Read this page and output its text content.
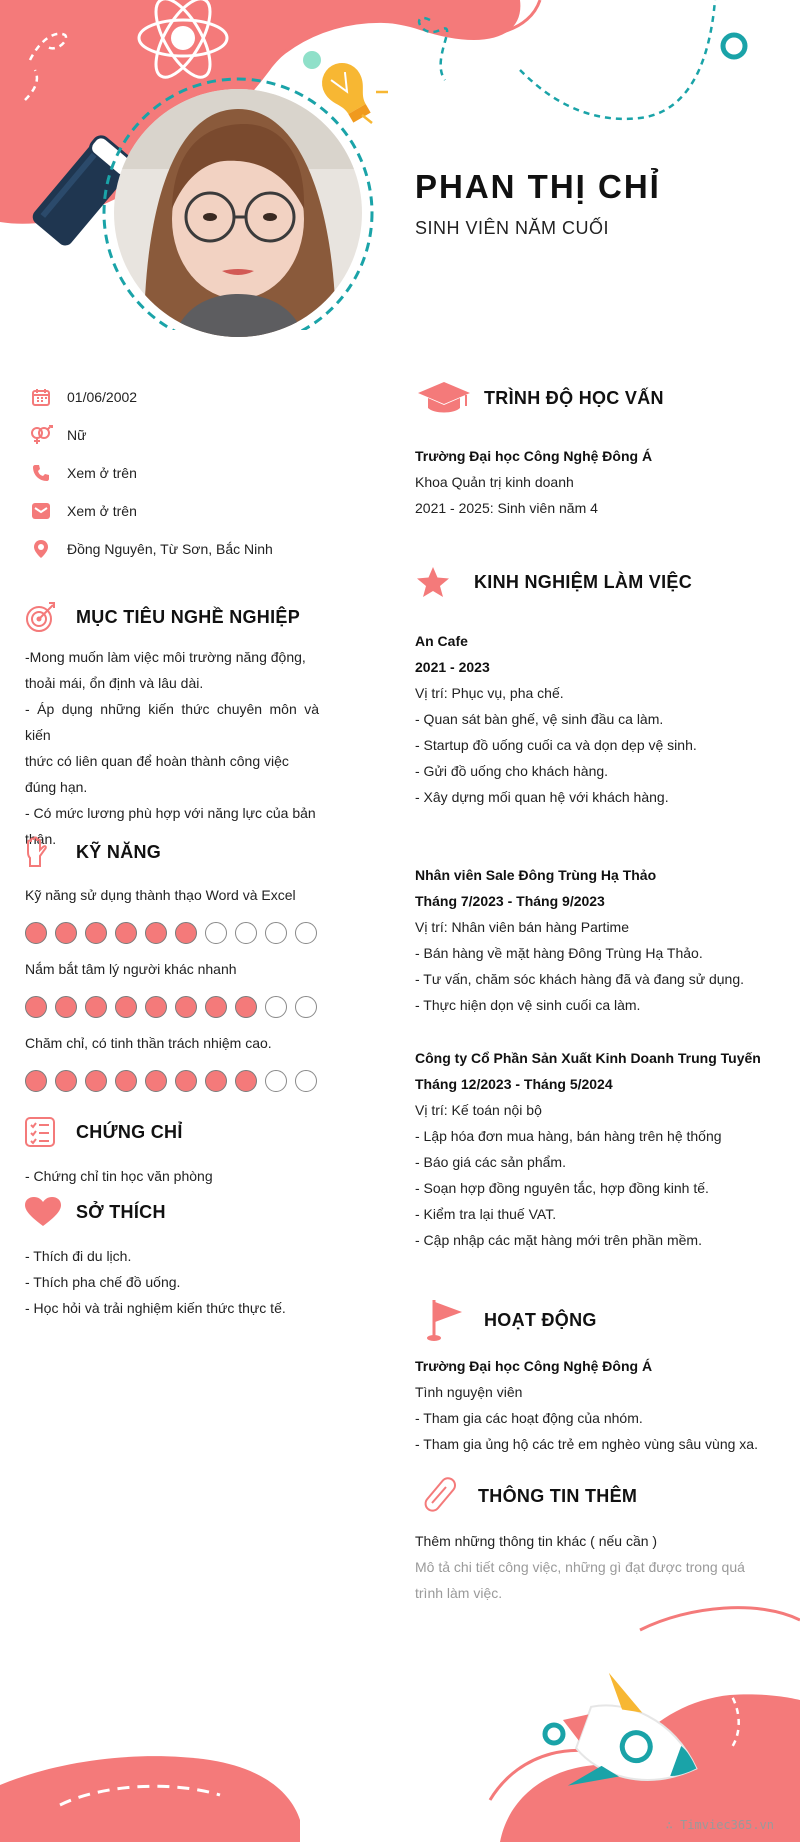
PHAN THỊ CHỈ
SINH VIÊN NĂM CUỐI
01/06/2002
Nữ
Xem ở trên
Xem ở trên
Đồng Nguyên, Từ Sơn, Bắc Ninh
MỤC TIÊU NGHỀ NGHIỆP
-Mong muốn làm việc môi trường năng động,
thoải mái, ổn định và lâu dài.
- Áp dụng những kiến thức chuyên môn và kiến
thức có liên quan để hoàn thành công việc
đúng hạn.
- Có mức lương phù hợp với năng lực của bản
thân.
KỸ NĂNG
Kỹ năng sử dụng thành thạo Word và Excel
Nắm bắt tâm lý người khác nhanh
Chăm chỉ, có tinh thần trách nhiệm cao.
CHỨNG CHỈ
- Chứng chỉ tin học văn phòng
SỞ THÍCH
- Thích đi du lịch.
- Thích pha chế đồ uống.
- Học hỏi và trải nghiệm kiến thức thực tế.
TRÌNH ĐỘ HỌC VẤN
Trường Đại học Công Nghệ Đông Á
Khoa Quản trị kinh doanh
2021 - 2025: Sinh viên năm 4
KINH NGHIỆM LÀM VIỆC
An Cafe
2021 - 2023
Vị trí: Phục vụ, pha chế.
- Quan sát bàn ghế, vệ sinh đầu ca làm.
- Startup đồ uống cuối ca và dọn dẹp vệ sinh.
- Gửi đồ uống cho khách hàng.
- Xây dựng mối quan hệ với khách hàng.
Nhân viên Sale Đông Trùng Hạ Thảo
Tháng 7/2023 - Tháng 9/2023
Vị trí: Nhân viên bán hàng Partime
- Bán hàng về mặt hàng Đông Trùng Hạ Thảo.
- Tư vấn, chăm sóc khách hàng đã và đang sử dụng.
- Thực hiện dọn vệ sinh cuối ca làm.
Công ty Cổ Phần Sản Xuất Kinh Doanh Trung Tuyến
Tháng 12/2023 - Tháng 5/2024
Vị trí: Kế toán nội bộ
- Lập hóa đơn mua hàng, bán hàng trên hệ thống
- Báo giá các sản phẩm.
- Soạn hợp đồng nguyên tắc, hợp đồng kinh tế.
- Kiểm tra lại thuế VAT.
- Cập nhập các mặt hàng mới trên phần mềm.
HOẠT ĐỘNG
Trường Đại học Công Nghệ Đông Á
Tình nguyện viên
- Tham gia các hoạt động của nhóm.
- Tham gia ủng hộ các trẻ em nghèo vùng sâu vùng xa.
THÔNG TIN THÊM
Thêm những thông tin khác ( nếu cần )
Mô tả chi tiết công việc, những gì đạt được trong quá
trình làm việc.
∴ Timviec365.vn
